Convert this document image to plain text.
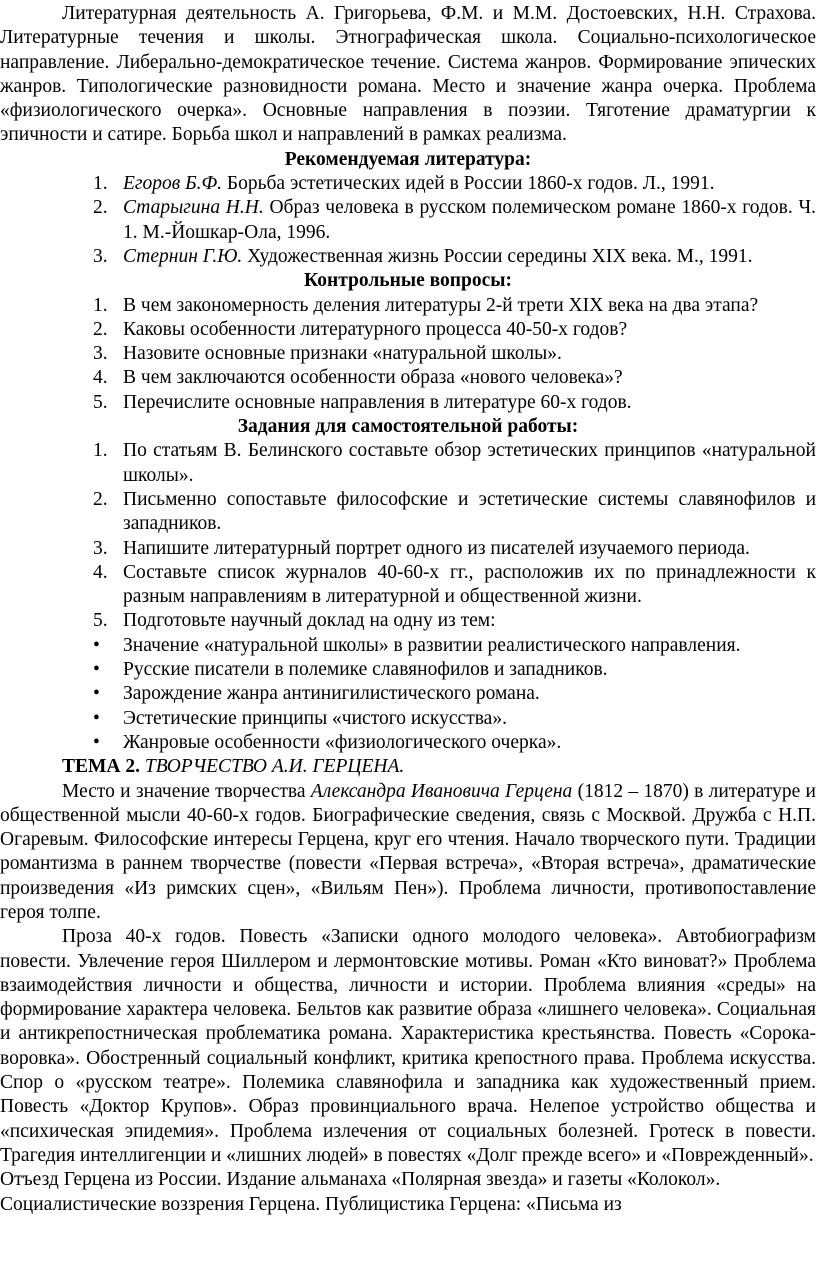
Литературная деятельность А. Григорьева, Ф.М. и М.М. Достоевских, Н.Н. Страхова. Литературные течения и школы. Этнографическая школа. Социально-психологическое направление. Либерально-демократическое течение. Система жанров. Формирование эпических жанров. Типологические разновидности романа. Место и значение жанра очерка. Проблема «физиологического очерка». Основные направления в поэзии. Тяготение драматургии к эпичности и сатире. Борьба школ и направлений в рамках реализма.

Рекомендуемая литература:

1. Егоров Б.Ф. Борьба эстетических идей в России 1860-х годов. Л., 1991.
2. Старыгина Н.Н. Образ человека в русском полемическом романе 1860-х годов. Ч. 1. М.-Йошкар-Ола, 1996.
3. Стернин Г.Ю. Художественная жизнь России середины XIX века. М., 1991.

Контрольные вопросы:

1. В чем закономерность деления литературы 2-й трети XIX века на два этапа?
2. Каковы особенности литературного процесса 40-50-х годов?
3. Назовите основные признаки «натуральной школы».
4. В чем заключаются особенности образа «нового человека»?
5. Перечислите основные направления в литературе 60-х годов.

Задания для самостоятельной работы:

1. По статьям В. Белинского составьте обзор эстетических принципов «натуральной школы».
2. Письменно сопоставьте философские и эстетические системы славянофилов и западников.
3. Напишите литературный портрет одного из писателей изучаемого периода.
4. Составьте список журналов 40-60-х гг., расположив их по принадлежности к разным направлениям в литературной и общественной жизни.
5. Подготовьте научный доклад на одну из тем:
• Значение «натуральной школы» в развитии реалистического направления.
• Русские писатели в полемике славянофилов и западников.
• Зарождение жанра антинигилистического романа.
• Эстетические принципы «чистого искусства».
• Жанровые особенности «физиологического очерка».

ТЕМА 2. ТВОРЧЕСТВО А.И. ГЕРЦЕНА.

Место и значение творчества Александра Ивановича Герцена (1812 – 1870) в литературе и общественной мысли 40-60-х годов. Биографические сведения, связь с Москвой. Дружба с Н.П. Огаревым. Философские интересы Герцена, круг его чтения. Начало творческого пути. Традиции романтизма в раннем творчестве (повести «Первая встреча», «Вторая встреча», драматические произведения «Из римских сцен», «Вильям Пен»). Проблема личности, противопоставление героя толпе.

Проза 40-х годов. Повесть «Записки одного молодого человека». Автобиографизм повести. Увлечение героя Шиллером и лермонтовские мотивы. Роман «Кто виноват?» Проблема взаимодействия личности и общества, личности и истории. Проблема влияния «среды» на формирование характера человека. Бельтов как развитие образа «лишнего человека». Социальная и антикрепостническая проблематика романа. Характеристика крестьянства. Повесть «Сорока-воровка». Обостренный социальный конфликт, критика крепостного права. Проблема искусства. Спор о «русском театре». Полемика славянофила и западника как художественный прием. Повесть «Доктор Крупов». Образ провинциального врача. Нелепое устройство общества и «психическая эпидемия». Проблема излечения от социальных болезней. Гротеск в повести. Трагедия интеллигенции и «лишних людей» в повестях «Долг прежде всего» и «Поврежденный».

Отъезд Герцена из России. Издание альманаха «Полярная звезда» и газеты «Колокол».

Социалистические воззрения Герцена. Публицистика Герцена: «Письма из
